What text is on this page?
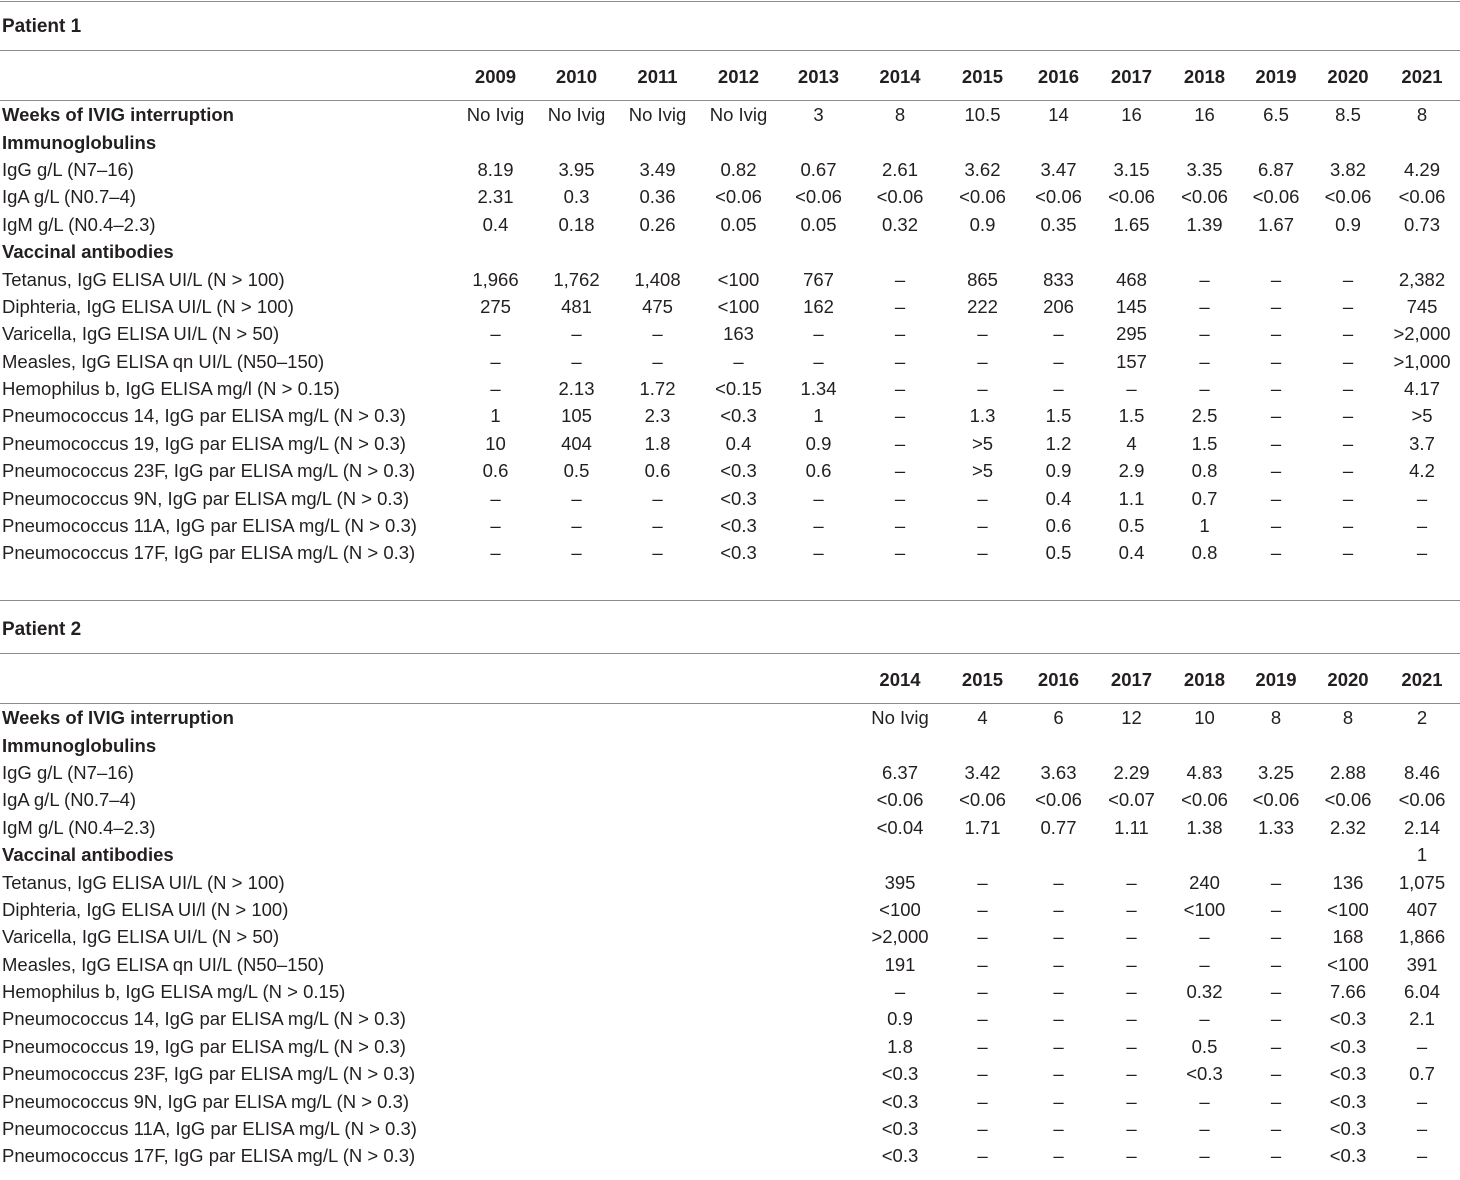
Patient 1
	2009	2010	2011	2012	2013	2014	2015	2016	2017	2018	2019	2020	2021
Weeks of IVIG interruption	No Ivig	No Ivig	No Ivig	No Ivig	3	8	10.5	14	16	16	6.5	8.5	8
Immunoglobulins													
IgG g/L (N7–16)	8.19	3.95	3.49	0.82	0.67	2.61	3.62	3.47	3.15	3.35	6.87	3.82	4.29
IgA g/L (N0.7–4)	2.31	0.3	0.36	<0.06	<0.06	<0.06	<0.06	<0.06	<0.06	<0.06	<0.06	<0.06	<0.06
IgM g/L (N0.4–2.3)	0.4	0.18	0.26	0.05	0.05	0.32	0.9	0.35	1.65	1.39	1.67	0.9	0.73
Vaccinal antibodies													
Tetanus, IgG ELISA UI/L (N > 100)	1,966	1,762	1,408	<100	767	–	865	833	468	–	–	–	2,382
Diphteria, IgG ELISA UI/L (N > 100)	275	481	475	<100	162	–	222	206	145	–	–	–	745
Varicella, IgG ELISA UI/L (N > 50)	–	–	–	163	–	–	–	–	295	–	–	–	>2,000
Measles, IgG ELISA qn UI/L (N50–150)	–	–	–	–	–	–	–	–	157	–	–	–	>1,000
Hemophilus b, IgG ELISA mg/l (N > 0.15)	–	2.13	1.72	<0.15	1.34	–	–	–	–	–	–	–	4.17
Pneumococcus 14, IgG par ELISA mg/L (N > 0.3)	1	105	2.3	<0.3	1	–	1.3	1.5	1.5	2.5	–	–	>5
Pneumococcus 19, IgG par ELISA mg/L (N > 0.3)	10	404	1.8	0.4	0.9	–	>5	1.2	4	1.5	–	–	3.7
Pneumococcus 23F, IgG par ELISA mg/L (N > 0.3)	0.6	0.5	0.6	<0.3	0.6	–	>5	0.9	2.9	0.8	–	–	4.2
Pneumococcus 9N, IgG par ELISA mg/L (N > 0.3)	–	–	–	<0.3	–	–	–	0.4	1.1	0.7	–	–	–
Pneumococcus 11A, IgG par ELISA mg/L (N > 0.3)	–	–	–	<0.3	–	–	–	0.6	0.5	1	–	–	–
Pneumococcus 17F, IgG par ELISA mg/L (N > 0.3)	–	–	–	<0.3	–	–	–	0.5	0.4	0.8	–	–	–
Patient 2
						2014	2015	2016	2017	2018	2019	2020	2021
Weeks of IVIG interruption						No Ivig	4	6	12	10	8	8	2
Immunoglobulins													
IgG g/L (N7–16)						6.37	3.42	3.63	2.29	4.83	3.25	2.88	8.46
IgA g/L (N0.7–4)						<0.06	<0.06	<0.06	<0.07	<0.06	<0.06	<0.06	<0.06
IgM g/L (N0.4–2.3)						<0.04	1.71	0.77	1.11	1.38	1.33	2.32	2.14
Vaccinal antibodies													1
Tetanus, IgG ELISA UI/L (N > 100)						395	–	–	–	240	–	136	1,075
Diphteria, IgG ELISA UI/l (N > 100)						<100	–	–	–	<100	–	<100	407
Varicella, IgG ELISA UI/L (N > 50)						>2,000	–	–	–	–	–	168	1,866
Measles, IgG ELISA qn UI/L (N50–150)						191	–	–	–	–	–	<100	391
Hemophilus b, IgG ELISA mg/L (N > 0.15)						–	–	–	–	0.32	–	7.66	6.04
Pneumococcus 14, IgG par ELISA mg/L (N > 0.3)						0.9	–	–	–	–	–	<0.3	2.1
Pneumococcus 19, IgG par ELISA mg/L (N > 0.3)						1.8	–	–	–	0.5	–	<0.3	–
Pneumococcus 23F, IgG par ELISA mg/L (N > 0.3)						<0.3	–	–	–	<0.3	–	<0.3	0.7
Pneumococcus 9N, IgG par ELISA mg/L (N > 0.3)						<0.3	–	–	–	–	–	<0.3	–
Pneumococcus 11A, IgG par ELISA mg/L (N > 0.3)						<0.3	–	–	–	–	–	<0.3	–
Pneumococcus 17F, IgG par ELISA mg/L (N > 0.3)						<0.3	–	–	–	–	–	<0.3	–
